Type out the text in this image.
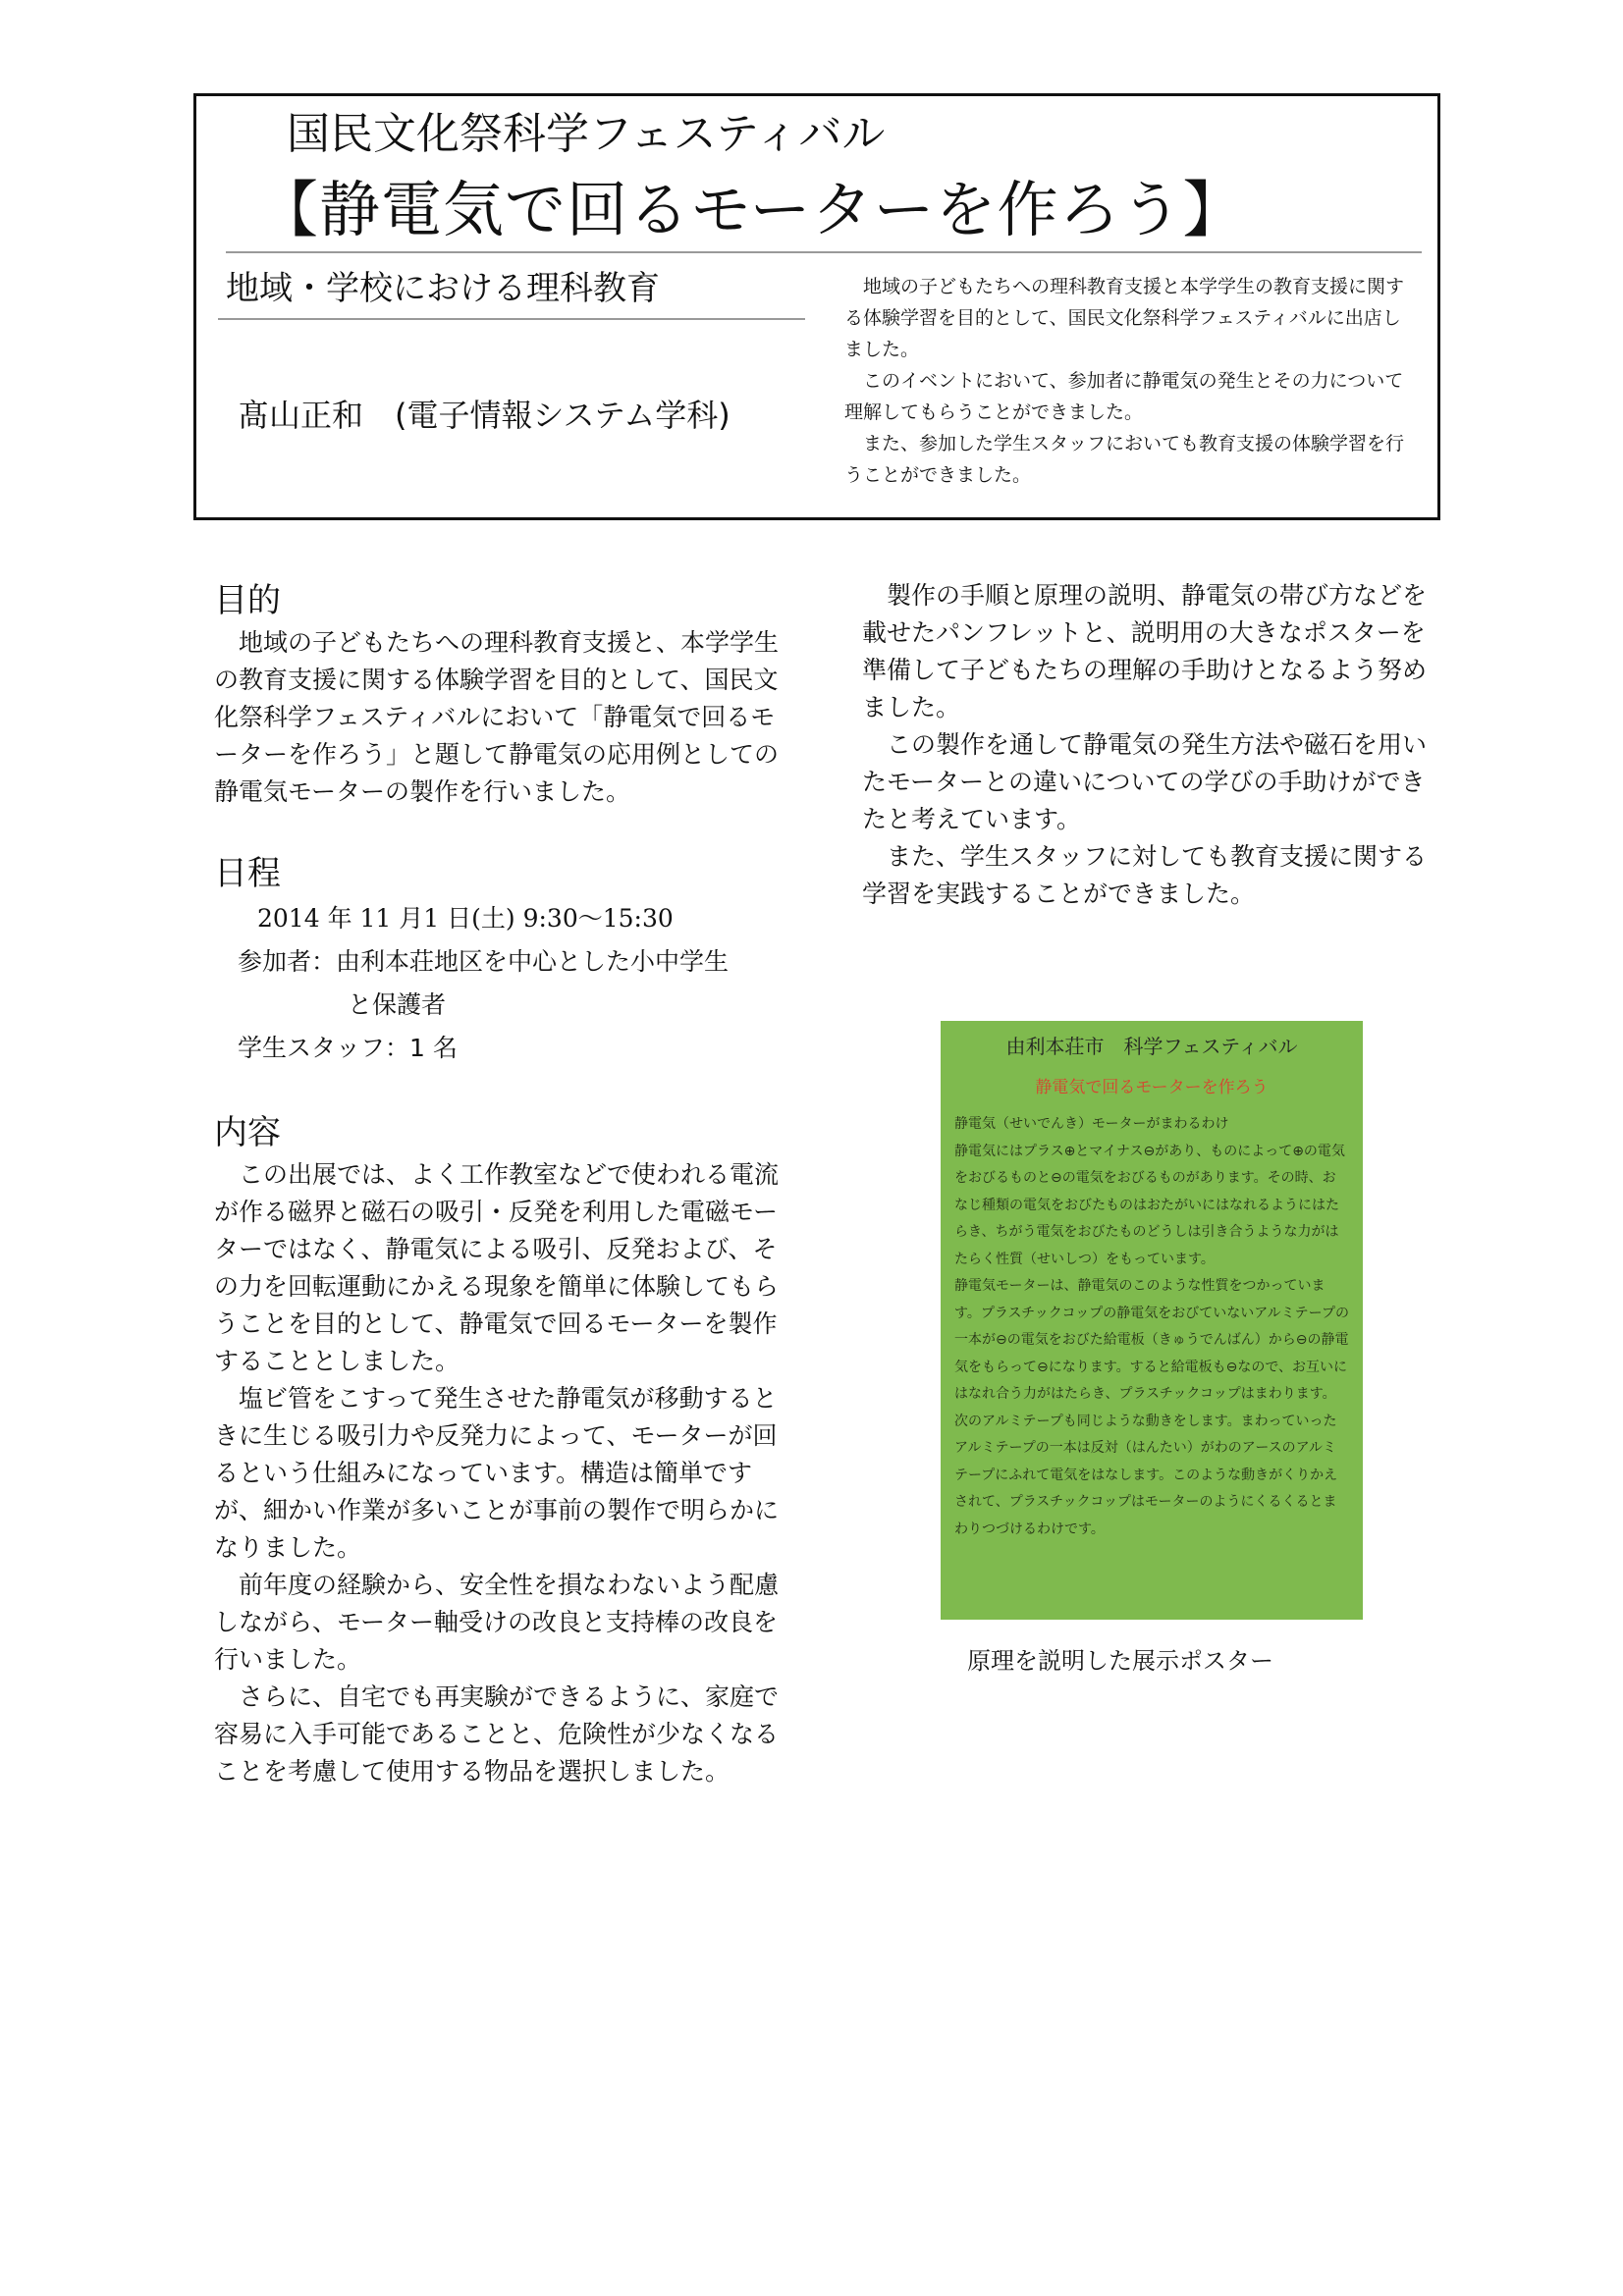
国民文化祭科学フェスティバル
【静電気で回るモーターを作ろう】
地域・学校における理科教育
髙山正和　(電子情報システム学科)

地域の子どもたちへの理科教育支援と本学学生の教育支援に関する体験学習を目的として、国民文化祭科学フェスティバルに出店しました。

このイベントにおいて、参加者に静電気の発生とその力について理解してもらうことができました。

また、参加した学生スタッフにおいても教育支援の体験学習を行うことができました。

目的

地域の子どもたちへの理科教育支援と、本学学生の教育支援に関する体験学習を目的として、国民文化祭科学フェスティバルにおいて「静電気で回るモーターを作ろう」と題して静電気の応用例としての静電気モーターの製作を行いました。

日程
2014 年 11 月1 日(土) 9:30〜15:30
参加者：由利本荘地区を中心とした小中学生
と保護者
学生スタッフ：1 名
内容

この出展では、よく工作教室などで使われる電流が作る磁界と磁石の吸引・反発を利用した電磁モーターではなく、静電気による吸引、反発および、その力を回転運動にかえる現象を簡単に体験してもらうことを目的として、静電気で回るモーターを製作することとしました。

塩ビ管をこすって発生させた静電気が移動するときに生じる吸引力や反発力によって、モーターが回るという仕組みになっています。構造は簡単ですが、細かい作業が多いことが事前の製作で明らかになりました。

前年度の経験から、安全性を損なわないよう配慮しながら、モーター軸受けの改良と支持棒の改良を行いました。

さらに、自宅でも再実験ができるように、家庭で容易に入手可能であることと、危険性が少なくなることを考慮して使用する物品を選択しました。

製作の手順と原理の説明、静電気の帯び方などを載せたパンフレットと、説明用の大きなポスターを準備して子どもたちの理解の手助けとなるよう努めました。

この製作を通して静電気の発生方法や磁石を用いたモーターとの違いについての学びの手助けができたと考えています。

また、学生スタッフに対しても教育支援に関する学習を実践することができました。

由利本荘市　科学フェスティバル
静電気で回るモーターを作ろう

静電気（せいでんき）モーターがまわるわけ

静電気にはプラス⊕とマイナス⊖があり、ものによって⊕の電気をおびるものと⊖の電気をおびるものがあります。その時、おなじ種類の電気をおびたものはおたがいにはなれるようにはたらき、ちがう電気をおびたものどうしは引き合うような力がはたらく性質（せいしつ）をもっています。

静電気モーターは、静電気のこのような性質をつかっています。プラスチックコップの静電気をおびていないアルミテープの一本が⊖の電気をおびた給電板（きゅうでんばん）から⊖の静電気をもらって⊖になります。すると給電板も⊖なので、お互いにはなれ合う力がはたらき、プラスチックコップはまわります。次のアルミテープも同じような動きをします。まわっていったアルミテープの一本は反対（はんたい）がわのアースのアルミテープにふれて電気をはなします。このような動きがくりかえされて、プラスチックコップはモーターのようにくるくるとまわりつづけるわけです。

原理を説明した展示ポスター
